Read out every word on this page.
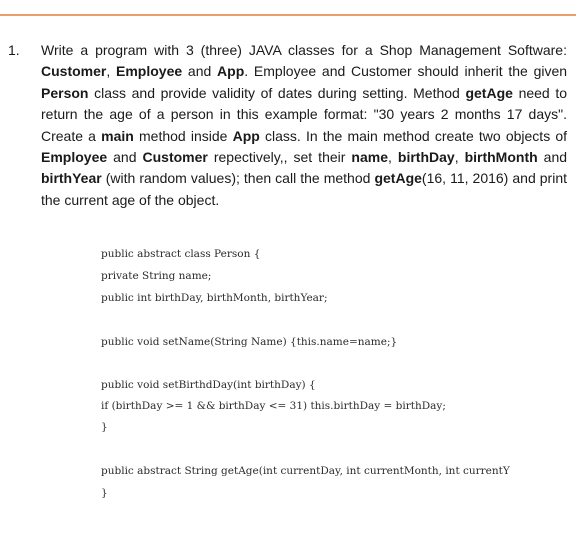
1. Write a program with 3 (three) JAVA classes for a Shop Management Software: Customer, Employee and App. Employee and Customer should inherit the given Person class and provide validity of dates during setting. Method getAge need to return the age of a person in this example format: "30 years 2 months 17 days". Create a main method inside App class. In the main method create two objects of Employee and Customer repectively,, set their name, birthDay, birthMonth and birthYear (with random values); then call the method getAge(16, 11, 2016) and print the current age of the object.
public abstract class Person {
private String name;
public int birthDay, birthMonth, birthYear;
public void setName(String Name) {this.name=name;}
public void setBirthdDay(int birthDay) {
if (birthDay >= 1 && birthDay <= 31) this.birthDay = birthDay;
}
public abstract String getAge(int currentDay, int currentMonth, int currentY
}
